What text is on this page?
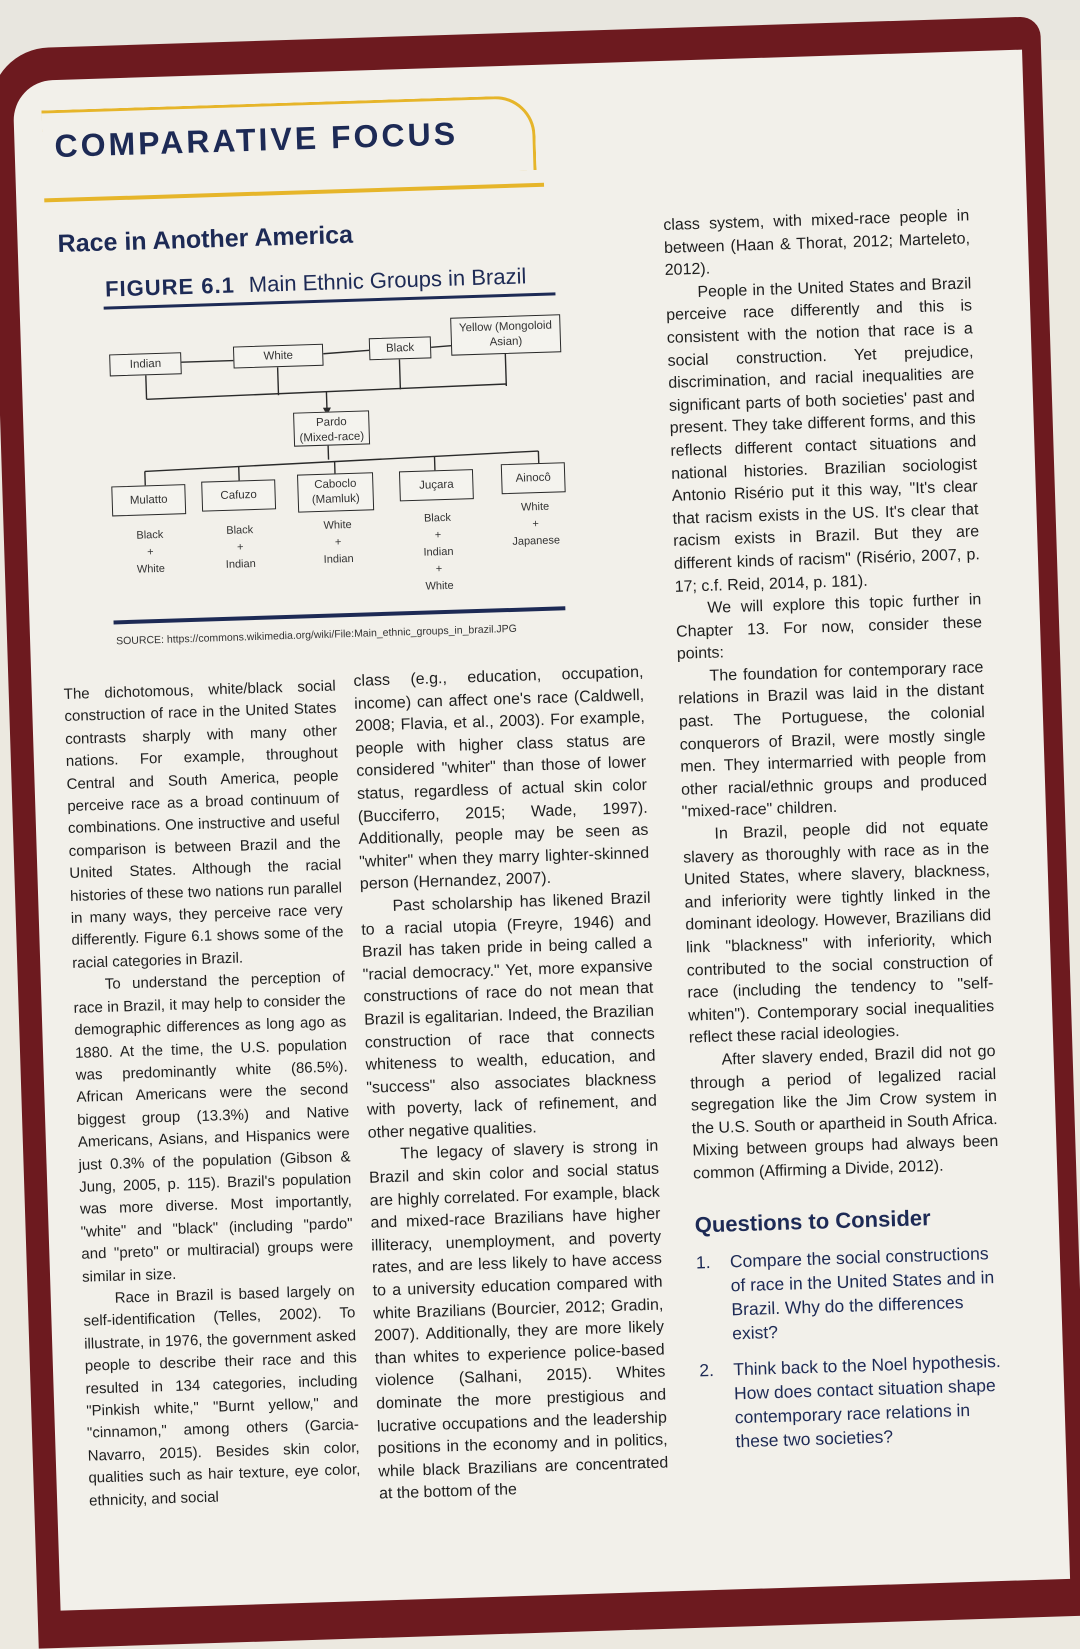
COMPARATIVE FOCUS
Race in Another America
FIGURE 6.1 Main Ethnic Groups in Brazil
Indian
White
Black
Yellow (Mongoloid Asian)
Pardo (Mixed-race)
Mulatto	Cafuzo
Caboclo (Mamluk)
Juçara
Ainocô
Black
+
White
Black
+
Indian
White
+
Indian
Black
+
Indian
+
White
White
+
Japanese
SOURCE: https://commons.wikimedia.org/wiki/File:Main_ethnic_groups_in_brazil.JPG

The dichotomous, white/black social construction of race in the United States contrasts sharply with many other nations. For example, throughout Central and South America, people perceive race as a broad continuum of combinations. One instructive and useful comparison is between Brazil and the United States. Although the racial histories of these two nations run parallel in many ways, they perceive race very differently. Figure 6.1 shows some of the racial categories in Brazil.

To understand the perception of race in Brazil, it may help to consider the demographic differences as long ago as 1880. At the time, the U.S. population was predominantly white (86.5%). African Americans were the second biggest group (13.3%) and Native Americans, Asians, and Hispanics were just 0.3% of the population (Gibson & Jung, 2005, p. 115). Brazil's population was more diverse. Most importantly, "white" and "black" (including "pardo" and "preto" or multiracial) groups were similar in size.

Race in Brazil is based largely on self-identification (Telles, 2002). To illustrate, in 1976, the government asked people to describe their race and this resulted in 134 categories, including "Pinkish white," "Burnt yellow," and "cinnamon," among others (Garcia-Navarro, 2015). Besides skin color, qualities such as hair texture, eye color, ethnicity, and social

class (e.g., education, occupation, income) can affect one's race (Caldwell, 2008; Flavia, et al., 2003). For example, people with higher class status are considered "whiter" than those of lower status, regardless of actual skin color (Bucciferro, 2015; Wade, 1997). Additionally, people may be seen as "whiter" when they marry lighter-skinned person (Hernandez, 2007).

Past scholarship has likened Brazil to a racial utopia (Freyre, 1946) and Brazil has taken pride in being called a "racial democracy." Yet, more expansive constructions of race do not mean that Brazil is egalitarian. Indeed, the Brazilian construction of race that connects whiteness to wealth, education, and "success" also associates blackness with poverty, lack of refinement, and other negative qualities.

The legacy of slavery is strong in Brazil and skin color and social status are highly correlated. For example, black and mixed-race Brazilians have higher illiteracy, unemployment, and poverty rates, and are less likely to have access to a university education compared with white Brazilians (Bourcier, 2012; Gradin, 2007). Additionally, they are more likely than whites to experience police-based violence (Salhani, 2015). Whites dominate the more prestigious and lucrative occupations and the leadership positions in the economy and in politics, while black Brazilians are concentrated at the bottom of the

class system, with mixed-race people in between (Haan & Thorat, 2012; Marteleto, 2012).

People in the United States and Brazil perceive race differently and this is consistent with the notion that race is a social construction. Yet prejudice, discrimination, and racial inequalities are significant parts of both societies' past and present. They take different forms, and this reflects different contact situations and national histories. Brazilian sociologist Antonio Risério put it this way, "It's clear that racism exists in the US. It's clear that racism exists in Brazil. But they are different kinds of racism" (Risério, 2007, p. 17; c.f. Reid, 2014, p. 181).

We will explore this topic further in Chapter 13. For now, consider these points:

The foundation for contemporary race relations in Brazil was laid in the distant past. The Portuguese, the colonial conquerors of Brazil, were mostly single men. They intermarried with people from other racial/ethnic groups and produced "mixed-race" children.

In Brazil, people did not equate slavery as thoroughly with race as in the United States, where slavery, blackness, and inferiority were tightly linked in the dominant ideology. However, Brazilians did link "blackness" with inferiority, which contributed to the social construction of race (including the tendency to "self-whiten"). Contemporary social inequalities reflect these racial ideologies.

After slavery ended, Brazil did not go through a period of legalized racial segregation like the Jim Crow system in the U.S. South or apartheid in South Africa. Mixing between groups had always been common (Affirming a Divide, 2012).

Questions to Consider
1. Compare the social constructions of race in the United States and in Brazil. Why do the differences exist?
2. Think back to the Noel hypothesis. How does contact situation shape contemporary race relations in these two societies?
